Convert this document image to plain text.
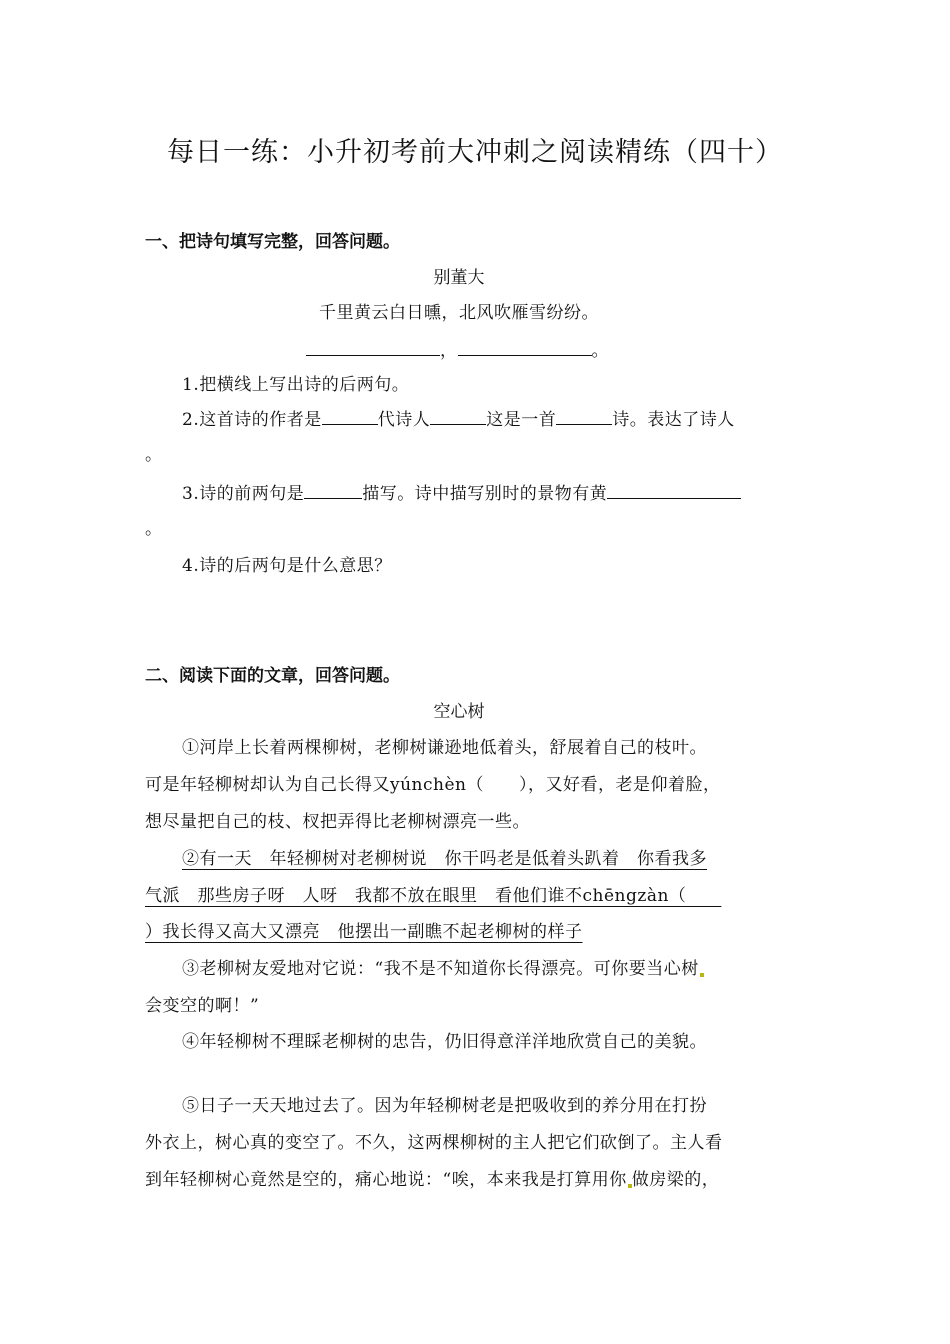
每日一练：小升初考前大冲刺之阅读精练（四十）
一、把诗句填写完整，回答问题。
别董大
千里黄云白日曛，北风吹雁雪纷纷。
，	。
1.把横线上写出诗的后两句。
2.这首诗的作者是	代诗人	这是一首	诗。表达了诗人
。
3.诗的前两句是	描写。诗中描写别时的景物有黄
。
4.诗的后两句是什么意思？
二、阅读下面的文章，回答问题。
空心树
①河岸上长着两棵柳树，老柳树谦逊地低着头，舒展着自己的枝叶。
可是年轻柳树却认为自己长得又yúnchèn（　　），又好看，老是仰着脸，
想尽量把自己的枝、杈把弄得比老柳树漂亮一些。
②有一天　年轻柳树对老柳树说　你干吗老是低着头趴着　你看我多
气派　那些房子呀　人呀　我都不放在眼里　看他们谁不chēngzàn（　　
）我长得又高大又漂亮　他摆出一副瞧不起老柳树的样子
③老柳树友爱地对它说：“我不是不知道你长得漂亮。可你要当心树
会变空的啊！”
④年轻柳树不理睬老柳树的忠告，仍旧得意洋洋地欣赏自己的美貌。
⑤日子一天天地过去了。因为年轻柳树老是把吸收到的养分用在打扮
外衣上，树心真的变空了。不久，这两棵柳树的主人把它们砍倒了。主人看
到年轻柳树心竟然是空的，痛心地说：“唉，本来我是打算用你 做房梁的，
